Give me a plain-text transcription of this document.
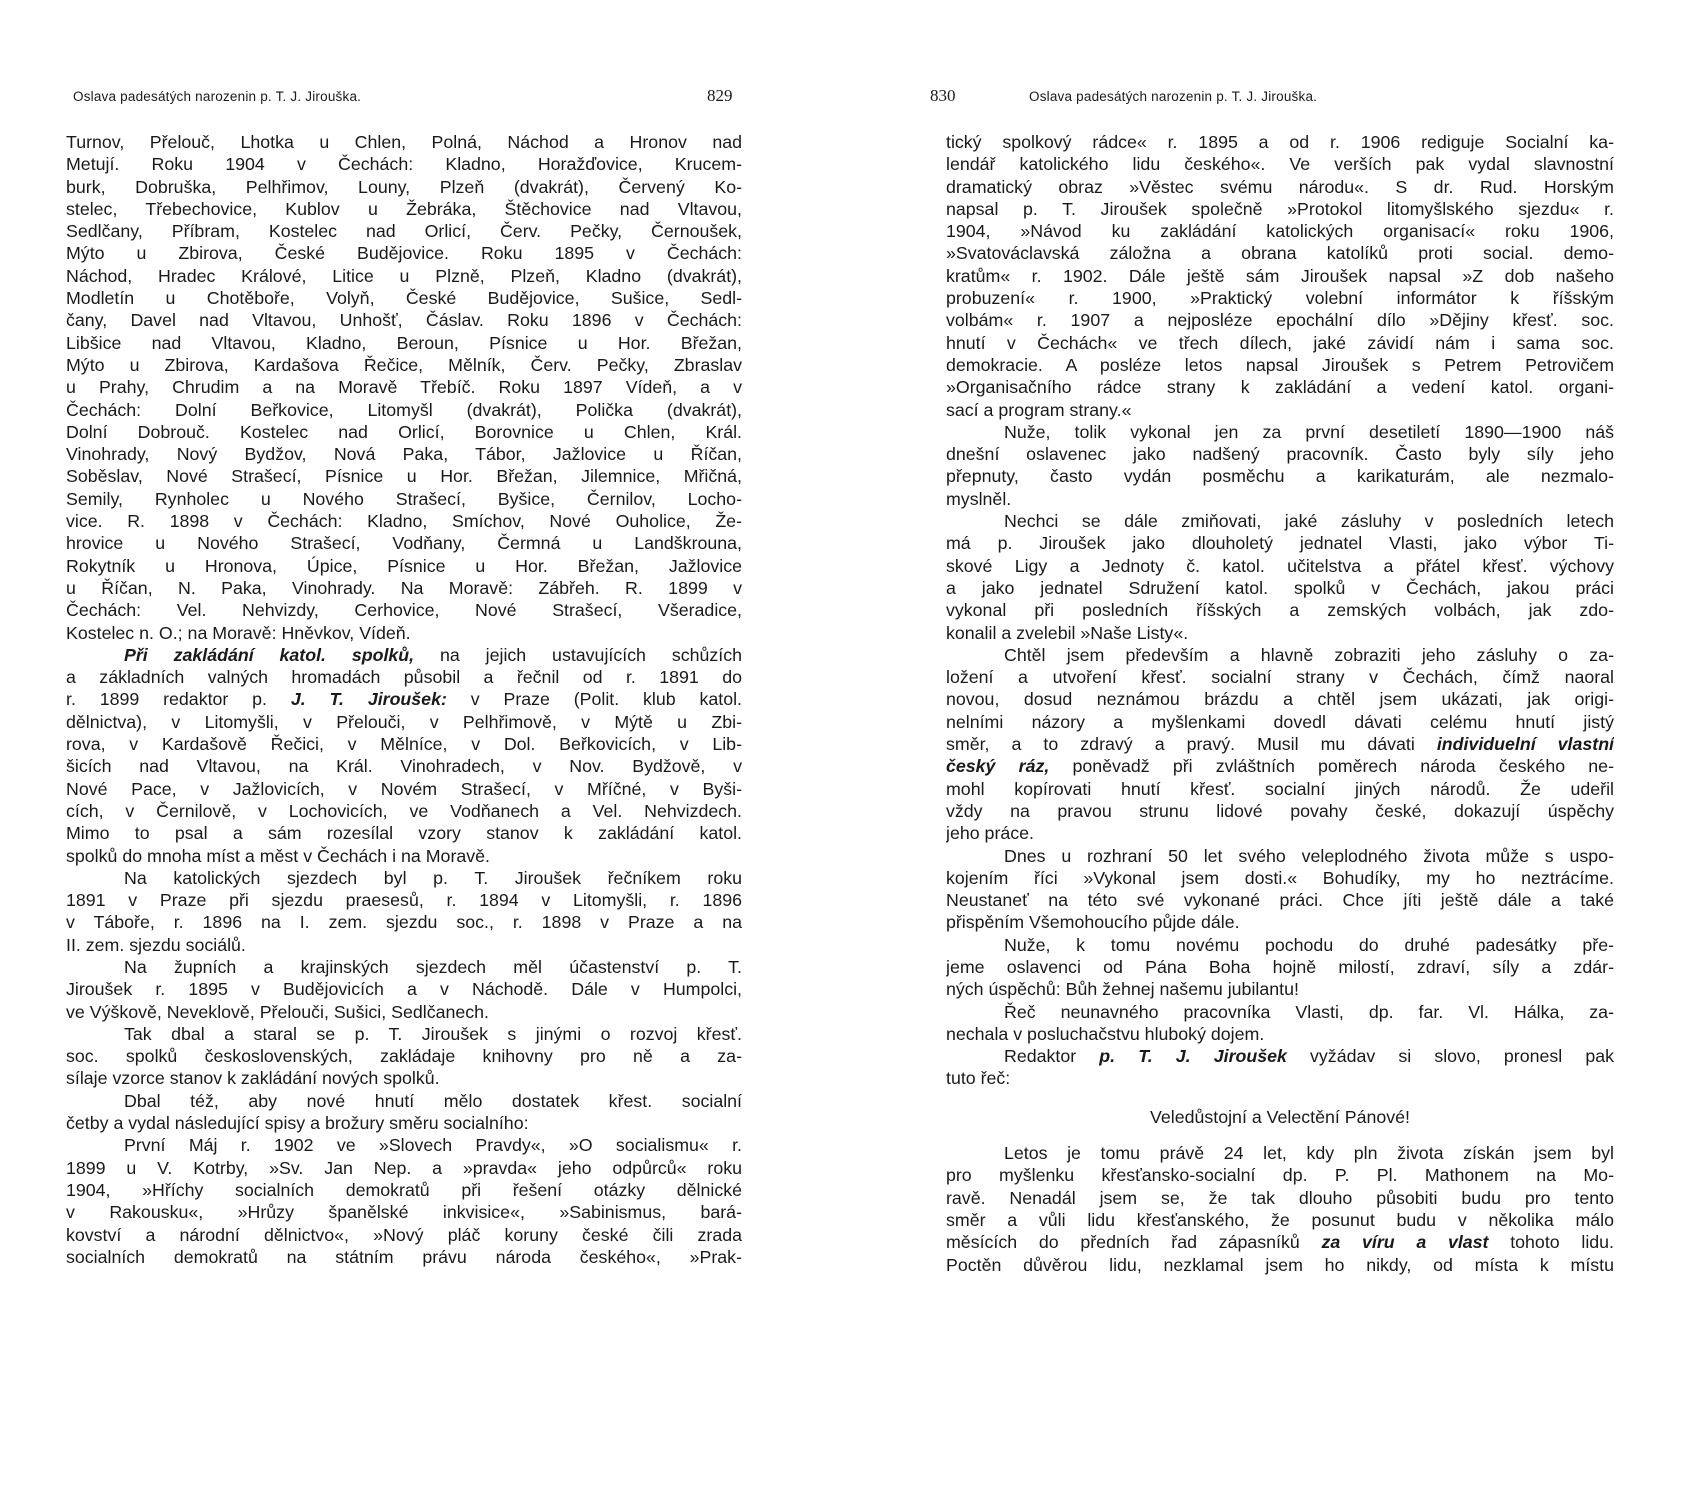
Oslava padesátých narozenin p. T. J. Jirouška.	829
Turnov, Přelouč, Lhotka u Chlen, Polná, Náchod a Hronov nad
Metují. Roku 1904 v Čechách: Kladno, Horažďovice, Krucem-
burk, Dobruška, Pelhřimov, Louny, Plzeň (dvakrát), Červený Ko-
stelec, Třebechovice, Kublov u Žebráka, Štěchovice nad Vltavou,
Sedlčany, Příbram, Kostelec nad Orlicí, Červ. Pečky, Černoušek,
Mýto u Zbirova, České Budějovice. Roku 1895 v Čechách:
Náchod, Hradec Králové, Litice u Plzně, Plzeň, Kladno (dvakrát),
Modletín u Chotěboře, Volyň, České Budějovice, Sušice, Sedl-
čany, Davel nad Vltavou, Unhošť, Čáslav. Roku 1896 v Čechách:
Libšice nad Vltavou, Kladno, Beroun, Písnice u Hor. Břežan,
Mýto u Zbirova, Kardašova Řečice, Mělník, Červ. Pečky, Zbraslav
u Prahy, Chrudim a na Moravě Třebíč. Roku 1897 Vídeň, a v
Čechách: Dolní Beřkovice, Litomyšl (dvakrát), Polička (dvakrát),
Dolní Dobrouč. Kostelec nad Orlicí, Borovnice u Chlen, Král.
Vinohrady, Nový Bydžov, Nová Paka, Tábor, Jažlovice u Říčan,
Soběslav, Nové Strašecí, Písnice u Hor. Břežan, Jilemnice, Mřičná,
Semily, Rynholec u Nového Strašecí, Byšice, Černilov, Locho-
vice. R. 1898 v Čechách: Kladno, Smíchov, Nové Ouholice, Že-
hrovice u Nového Strašecí, Vodňany, Čermná u Landškrouna,
Rokytník u Hronova, Úpice, Písnice u Hor. Břežan, Jažlovice
u Říčan, N. Paka, Vinohrady. Na Moravě: Zábřeh. R. 1899 v
Čechách: Vel. Nehvizdy, Cerhovice, Nové Strašecí, Všeradice,
Kostelec n. O.; na Moravě: Hněvkov, Vídeň.
Při zakládání katol. spolků, na jejich ustavujících schůzích
a základních valných hromadách působil a řečnil od r. 1891 do
r. 1899 redaktor p. J. T. Jiroušek: v Praze (Polit. klub katol.
dělnictva), v Litomyšli, v Přelouči, v Pelhřimově, v Mýtě u Zbi-
rova, v Kardašově Řečici, v Mělníce, v Dol. Beřkovicích, v Lib-
šicích nad Vltavou, na Král. Vinohradech, v Nov. Bydžově, v
Nové Pace, v Jažlovicích, v Novém Strašecí, v Mříčné, v Byši-
cích, v Černilově, v Lochovicích, ve Vodňanech a Vel. Nehvizdech.
Mimo to psal a sám rozesílal vzory stanov k zakládání katol.
spolků do mnoha míst a měst v Čechách i na Moravě.
Na katolických sjezdech byl p. T. Jiroušek řečníkem roku
1891 v Praze při sjezdu praesesů, r. 1894 v Litomyšli, r. 1896
v Táboře, r. 1896 na I. zem. sjezdu soc., r. 1898 v Praze a na
II. zem. sjezdu sociálů.
Na župních a krajinských sjezdech měl účastenství p. T.
Jiroušek r. 1895 v Budějovicích a v Náchodě. Dále v Humpolci,
ve Výškově, Neveklově, Přelouči, Sušici, Sedlčanech.
Tak dbal a staral se p. T. Jiroušek s jinými o rozvoj křesť.
soc. spolků československých, zakládaje knihovny pro ně a za-
sílaje vzorce stanov k zakládání nových spolků.
Dbal též, aby nové hnutí mělo dostatek křest. socialní
četby a vydal následující spisy a brožury směru socialního:
První Máj r. 1902 ve »Slovech Pravdy«, »O socialismu« r.
1899 u V. Kotrby, »Sv. Jan Nep. a »pravda« jeho odpůrců« roku
1904, »Hříchy socialních demokratů při řešení otázky dělnické
v Rakousku«, »Hrůzy španělské inkvisice«, »Sabinismus, bará-
kovství a národní dělnictvo«, »Nový pláč koruny české čili zrada
socialních demokratů na státním právu národa českého«, »Prak-
830	Oslava padesátých narozenin p. T. J. Jirouška.
tický spolkový rádce« r. 1895 a od r. 1906 rediguje Socialní ka-
lendář katolického lidu českého«. Ve verších pak vydal slavnostní
dramatický obraz »Věstec svému národu«. S dr. Rud. Horským
napsal p. T. Jiroušek společně »Protokol litomyšlského sjezdu« r.
1904, »Návod ku zakládání katolických organisací« roku 1906,
»Svatováclavská záložna a obrana katolíků proti social. demo-
kratům« r. 1902. Dále ještě sám Jiroušek napsal »Z dob našeho
probuzení« r. 1900, »Praktický volební informátor k říšským
volbám« r. 1907 a nejposléze epochální dílo »Dějiny křesť. soc.
hnutí v Čechách« ve třech dílech, jaké závidí nám i sama soc.
demokracie. A posléze letos napsal Jiroušek s Petrem Petrovičem
»Organisačního rádce strany k zakládání a vedení katol. organi-
sací a program strany.«
Nuže, tolik vykonal jen za první desetiletí 1890—1900 náš
dnešní oslavenec jako nadšený pracovník. Často byly síly jeho
přepnuty, často vydán posměchu a karikaturám, ale nezmalo-
myslněl.
Nechci se dále zmiňovati, jaké zásluhy v posledních letech
má p. Jiroušek jako dlouholetý jednatel Vlasti, jako výbor Ti-
skové Ligy a Jednoty č. katol. učitelstva a přátel křesť. výchovy
a jako jednatel Sdružení katol. spolků v Čechách, jakou práci
vykonal při posledních říšských a zemských volbách, jak zdo-
konalil a zvelebil »Naše Listy«.
Chtěl jsem především a hlavně zobraziti jeho zásluhy o za-
ložení a utvoření křesť. socialní strany v Čechách, čímž naoral
novou, dosud neznámou brázdu a chtěl jsem ukázati, jak origi-
nelními názory a myšlenkami dovedl dávati celému hnutí jistý
směr, a to zdravý a pravý. Musil mu dávati individuelní vlastní
český ráz, poněvadž při zvláštních poměrech národa českého ne-
mohl kopírovati hnutí křesť. socialní jiných národů. Že udeřil
vždy na pravou strunu lidové povahy české, dokazují úspěchy
jeho práce.
Dnes u rozhraní 50 let svého veleplodného života může s uspo-
kojením říci »Vykonal jsem dosti.« Bohudíky, my ho neztrácíme.
Neustaneť na této své vykonané práci. Chce jíti ještě dále a také
přispěním Všemohoucího půjde dále.
Nuže, k tomu novému pochodu do druhé padesátky pře-
jeme oslavenci od Pána Boha hojně milostí, zdraví, síly a zdár-
ných úspěchů: Bůh žehnej našemu jubilantu!
Řeč neunavného pracovníka Vlasti, dp. far. Vl. Hálka, za-
nechala v posluchačstvu hluboký dojem.
Redaktor p. T. J. Jiroušek vyžádav si slovo, pronesl pak
tuto řeč:
Veledůstojní a Velectění Pánové!
Letos je tomu právě 24 let, kdy pln života získán jsem byl
pro myšlenku křesťansko-socialní dp. P. Pl. Mathonem na Mo-
ravě. Nenadál jsem se, že tak dlouho působiti budu pro tento
směr a vůli lidu křesťanského, že posunut budu v několika málo
měsících do předních řad zápasníků za víru a vlast tohoto lidu.
Poctěn důvěrou lidu, nezklamal jsem ho nikdy, od místa k místu
